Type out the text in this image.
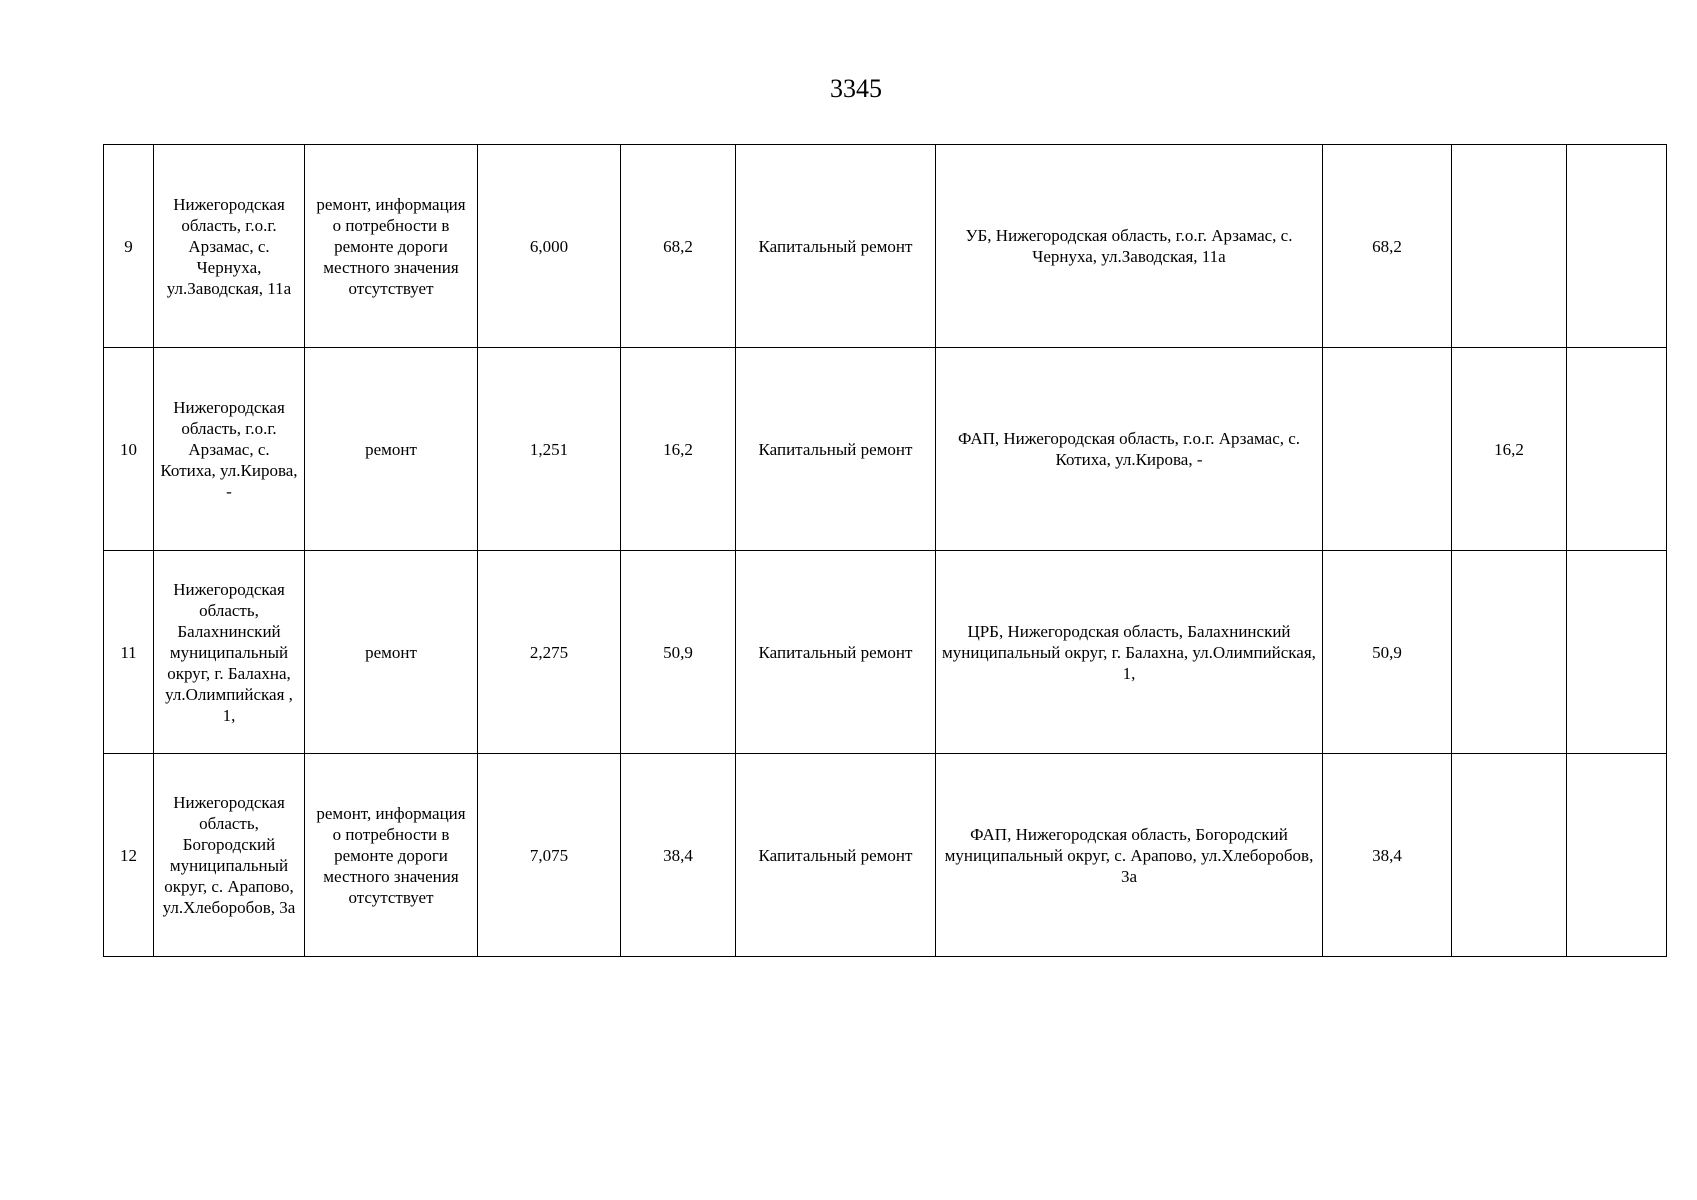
3345
9	Нижегородская область, г.о.г. Арзамас, с. Чернуха, ул.Заводская, 11а	ремонт, информация о потребности в ремонте дороги местного значения отсутствует	6,000	68,2	Капитальный ремонт	УБ, Нижегородская область, г.о.г. Арзамас, с. Чернуха, ул.Заводская, 11а	68,2		
10	Нижегородская область, г.о.г. Арзамас, с. Котиха, ул.Кирова, -	ремонт	1,251	16,2	Капитальный ремонт	ФАП, Нижегородская область, г.о.г. Арзамас, с. Котиха, ул.Кирова, -		16,2	
11	Нижегородская область, Балахнинский муниципальный округ, г. Балахна, ул.Олимпийская , 1,	ремонт	2,275	50,9	Капитальный ремонт	ЦРБ, Нижегородская область, Балахнинский муниципальный округ, г. Балахна, ул.Олимпийская, 1,	50,9		
12	Нижегородская область, Богородский муниципальный округ, с. Арапово, ул.Хлеборобов, 3а	ремонт, информация о потребности в ремонте дороги местного значения отсутствует	7,075	38,4	Капитальный ремонт	ФАП, Нижегородская область, Богородский муниципальный округ, с. Арапово, ул.Хлеборобов, 3а	38,4		
